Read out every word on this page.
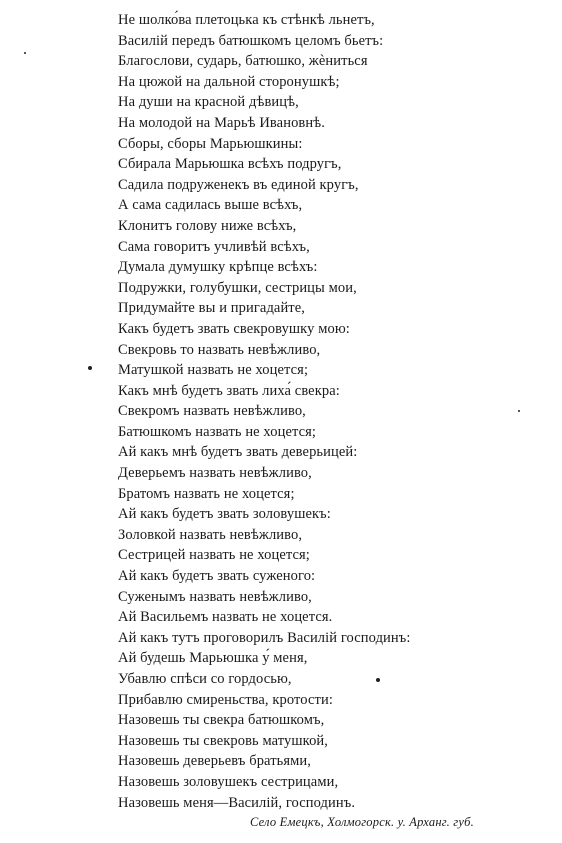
Не шолко́ва плетоцька къ стѣнкѣ льнетъ,
Василій передъ батюшкомъ целомъ бьетъ:
Благослови, сударь, батюшко, жѐниться
На цюжой на дальной сторонушкѣ;
На души на красной дѣвицѣ,
На молодой на Марьѣ Ивановнѣ.
Сборы, сборы Марьюшкины:
Сбирала Марьюшка всѣхъ подругъ,
Садила подруженекъ въ единой кругъ,
А сама садилась выше всѣхъ,
Клонитъ голову ниже всѣхъ,
Сама говоритъ учливѣй всѣхъ,
Думала думушку крѣпце всѣхъ:
Подружки, голубушки, сестрицы мои,
Придумайте вы и пригадайте,
Какъ будетъ звать свекровушку мою:
Свекровь то назвать невѣжливо,
Матушкой назвать не хоцется;
Какъ мнѣ будетъ звать лиха́ свекра:
Свекромъ назвать невѣжливо,
Батюшкомъ назвать не хоцется;
Ай какъ мнѣ будетъ звать деверьицей:
Деверьемъ назвать невѣжливо,
Братомъ назвать не хоцется;
Ай какъ будетъ звать золовушекъ:
Золовкой назвать невѣжливо,
Сестрицей назвать не хоцется;
Ай какъ будетъ звать суженого:
Суженымъ назвать невѣжливо,
Ай Васильемъ назвать не хоцется.
Ай какъ тутъ проговорилъ Василій господинъ:
Ай будешь Марьюшка у́ меня,
Убавлю спѣси со гордосью,
Прибавлю смиреньства, кротости:
Назовешь ты свекра батюшкомъ,
Назовешь ты свекровь матушкой,
Назовешь деверьевъ братьями,
Назовешь золовушекъ сестрицами,
Назовешь меня—Василій, господинъ.
Село Емецкъ, Холмогорск. у. Арханг. губ.
